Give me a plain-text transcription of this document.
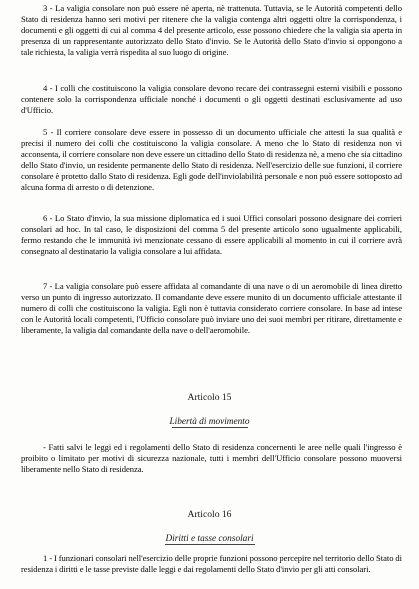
3 - La valigia consolare non può essere nè aperta, nè trattenuta. Tuttavia, se le Autorità competenti dello Stato di residenza hanno seri motivi per ritenere che la valigia contenga altri oggetti oltre la corrispondenza, i documenti e gli oggetti di cui al comma 4 del presente articolo, esse possono chiedere che la valigia sia aperta in presenza di un rappresentante autorizzato dello Stato d'invio. Se le Autorità dello Stato d'invio si oppongono a tale richiesta, la valigia verrà rispedita al suo luogo di origine.

4 - I colli che costituiscono la valigia consolare devono recare dei contrassegni esterni visibili e possono contenere solo la corrispondenza ufficiale nonché i documenti o gli oggetti destinati esclusivamente ad uso d'Ufficio.

5 - Il corriere consolare deve essere in possesso di un documento ufficiale che attesti la sua qualità e precisi il numero dei colli che costituiscono la valigia consolare. A meno che lo Stato di residenza non vi acconsenta, il corriere consolare non deve essere un cittadino dello Stato di residenza nè, a meno che sia cittadino dello Stato d'invio, un residente permanente dello Stato di residenza. Nell'esercizio delle sue funzioni, il corriere consolare è protetto dallo Stato di residenza. Egli gode dell'inviolabilità personale e non può essere sottoposto ad alcuna forma di arresto o di detenzione.

6 - Lo Stato d'invio, la sua missione diplomatica ed i suoi Uffici consolari possono designare dei corrieri consolari ad hoc. In tal caso, le disposizioni del comma 5 del presente articolo sono ugualmente applicabili, fermo restando che le immunità ivi menzionate cessano di essere applicabili al momento in cui il corriere avrà consegnato al destinatario la valigia consolare a lui affidata.

7 - La valigia consolare può essere affidata al comandante di una nave o di un aeromobile di linea diretto verso un punto di ingresso autorizzato. Il comandante deve essere munito di un documento ufficiale attestante il numero di colli che costituiscono la valigia. Egli non è tuttavia considerato corriere consolare. In base ad intese con le Autorità locali competenti, l'Ufficio consolare può inviare uno dei suoi membri per ritirare, direttamente e liberamente, la valigia dal comandante della nave o dell'aeromobile.

Articolo 15

Libertà di movimento

- Fatti salvi le leggi ed i regolamenti dello Stato di residenza concernenti le aree nelle quali l'ingresso è proibito o limitato per motivi di sicurezza nazionale, tutti i membri dell'Ufficio consolare possono muoversi liberamente nello Stato di residenza.

Articolo 16

Diritti e tasse consolari

1 - I funzionari consolari nell'esercizio delle proprie funzioni possono percepire nel territorio dello Stato di residenza i diritti e le tasse previste dalle leggi e dai regolamenti dello Stato d'invio per gli atti consolari.
